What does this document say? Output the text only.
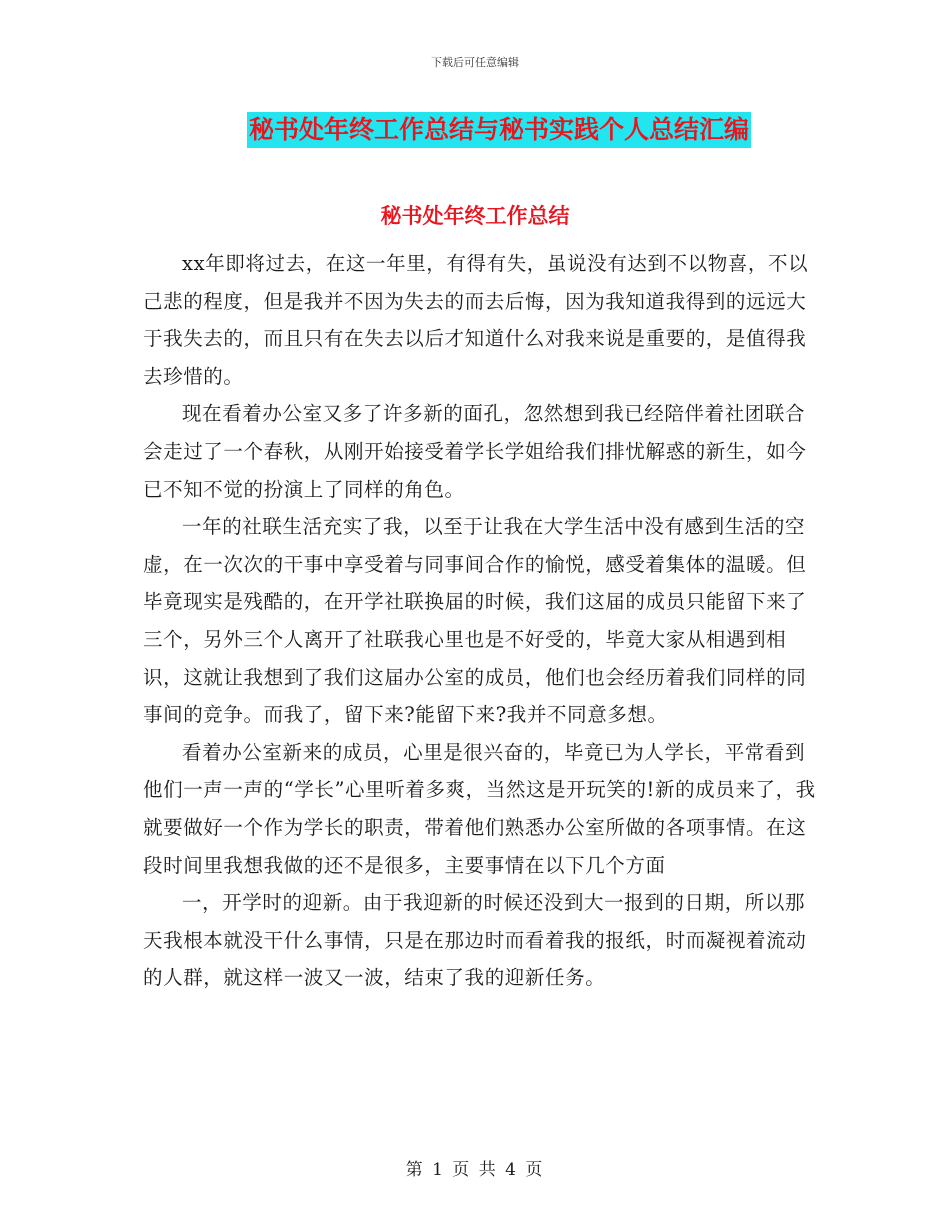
下载后可任意编辑
秘书处年终工作总结与秘书实践个人总结汇编
秘书处年终工作总结

xx年即将过去，在这一年里，有得有失，虽说没有达到不以物喜，不以己悲的程度，但是我并不因为失去的而去后悔，因为我知道我得到的远远大于我失去的，而且只有在失去以后才知道什么对我来说是重要的，是值得我去珍惜的。

现在看着办公室又多了许多新的面孔，忽然想到我已经陪伴着社团联合会走过了一个春秋，从刚开始接受着学长学姐给我们排忧解惑的新生，如今已不知不觉的扮演上了同样的角色。

一年的社联生活充实了我，以至于让我在大学生活中没有感到生活的空虚，在一次次的干事中享受着与同事间合作的愉悦，感受着集体的温暖。但毕竟现实是残酷的，在开学社联换届的时候，我们这届的成员只能留下来了三个，另外三个人离开了社联我心里也是不好受的，毕竟大家从相遇到相识，这就让我想到了我们这届办公室的成员，他们也会经历着我们同样的同事间的竞争。而我了，留下来?能留下来?我并不同意多想。

看着办公室新来的成员，心里是很兴奋的，毕竟已为人学长，平常看到他们一声一声的“学长”心里听着多爽，当然这是开玩笑的!新的成员来了，我就要做好一个作为学长的职责，带着他们熟悉办公室所做的各项事情。在这段时间里我想我做的还不是很多，主要事情在以下几个方面

一，开学时的迎新。由于我迎新的时候还没到大一报到的日期，所以那天我根本就没干什么事情，只是在那边时而看着我的报纸，时而凝视着流动的人群，就这样一波又一波，结束了我的迎新任务。

第 1 页 共 4 页
